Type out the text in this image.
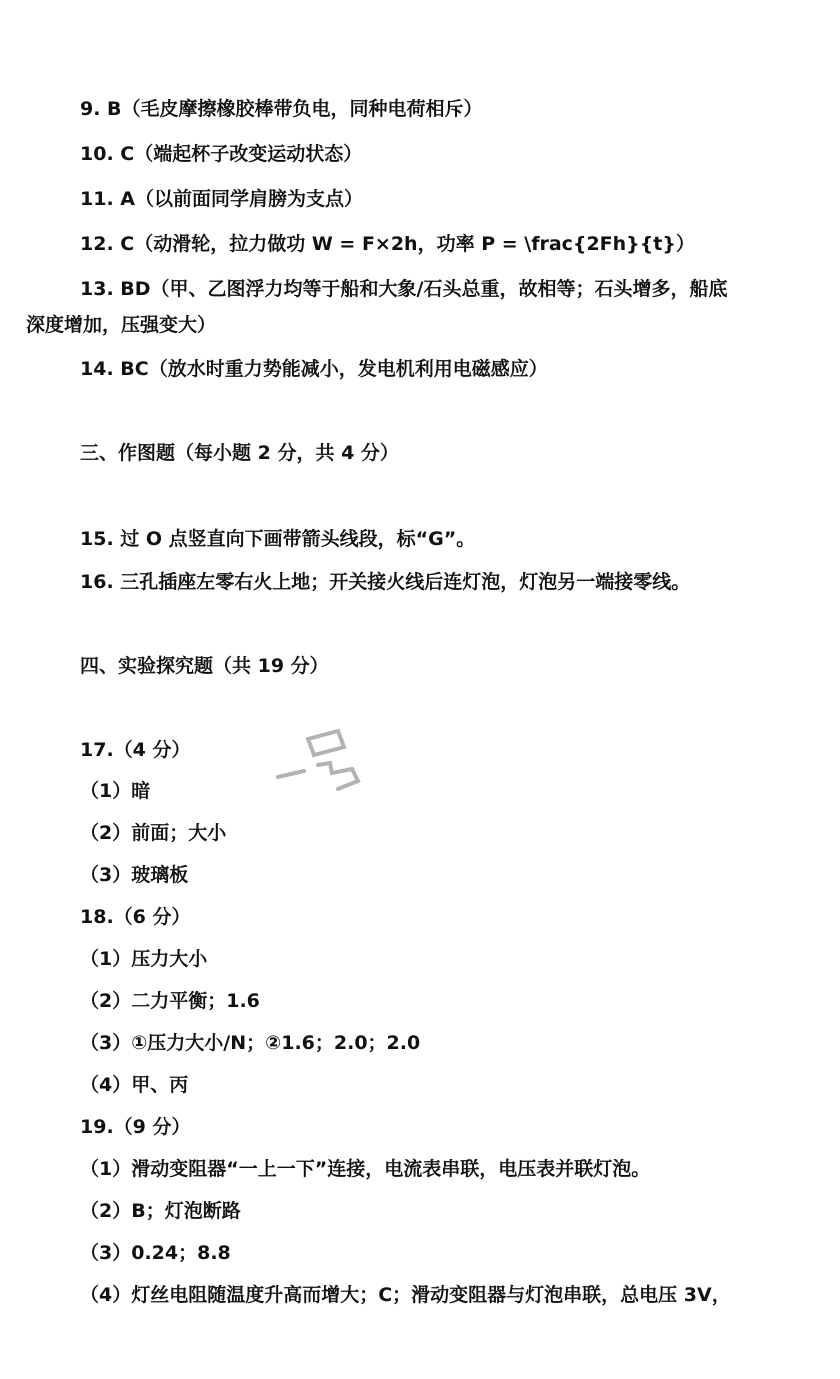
9. B（毛皮摩擦橡胶棒带负电，同种电荷相斥）
10. C（端起杯子改变运动状态）
11. A（以前面同学肩膀为支点）
12. C（动滑轮，拉力做功 W = F×2h，功率 P = \frac{2Fh}{t}）
13. BD（甲、乙图浮力均等于船和大象/石头总重，故相等；石头增多，船底
深度增加，压强变大）
14. BC（放水时重力势能减小，发电机利用电磁感应）
三、作图题（每小题 2 分，共 4 分）
15. 过 O 点竖直向下画带箭头线段，标“G”。
16. 三孔插座左零右火上地；开关接火线后连灯泡，灯泡另一端接零线。
四、实验探究题（共 19 分）
17.（4 分）
（1）暗
（2）前面；大小
（3）玻璃板
18.（6 分）
（1）压力大小
（2）二力平衡；1.6
（3）①压力大小/N；②1.6；2.0；2.0
（4）甲、丙
19.（9 分）
（1）滑动变阻器“一上一下”连接，电流表串联，电压表并联灯泡。
（2）B；灯泡断路
（3）0.24；8.8
（4）灯丝电阻随温度升高而增大；C；滑动变阻器与灯泡串联，总电压 3V，
